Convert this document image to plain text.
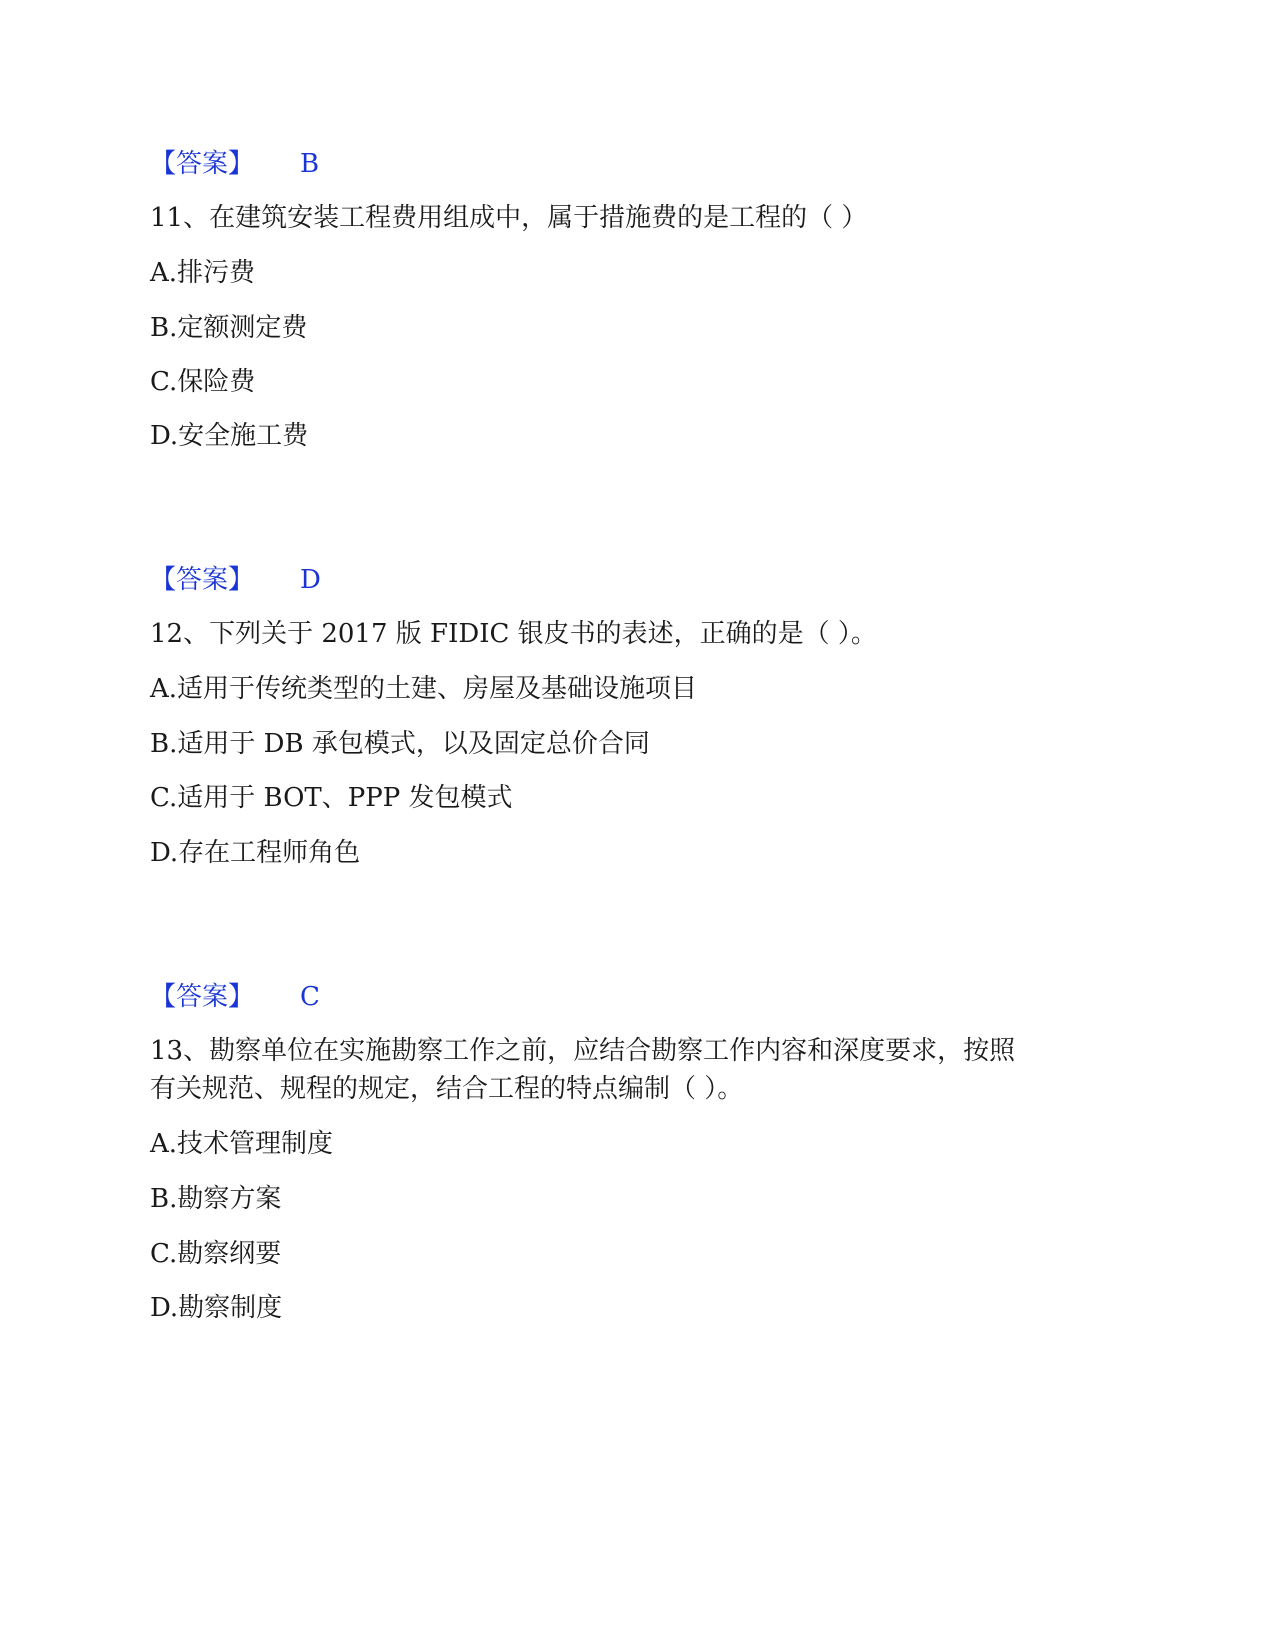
【答案】 B
11、在建筑安装工程费用组成中，属于措施费的是工程的（ ）
A.排污费
B.定额测定费
C.保险费
D.安全施工费
【答案】 D
12、下列关于 2017 版 FIDIC 银皮书的表述，正确的是（ ）。
A.适用于传统类型的土建、房屋及基础设施项目
B.适用于 DB 承包模式，以及固定总价合同
C.适用于 BOT、PPP 发包模式
D.存在工程师角色
【答案】 C
13、勘察单位在实施勘察工作之前，应结合勘察工作内容和深度要求，按照
有关规范、规程的规定，结合工程的特点编制（ ）。
A.技术管理制度
B.勘察方案
C.勘察纲要
D.勘察制度
